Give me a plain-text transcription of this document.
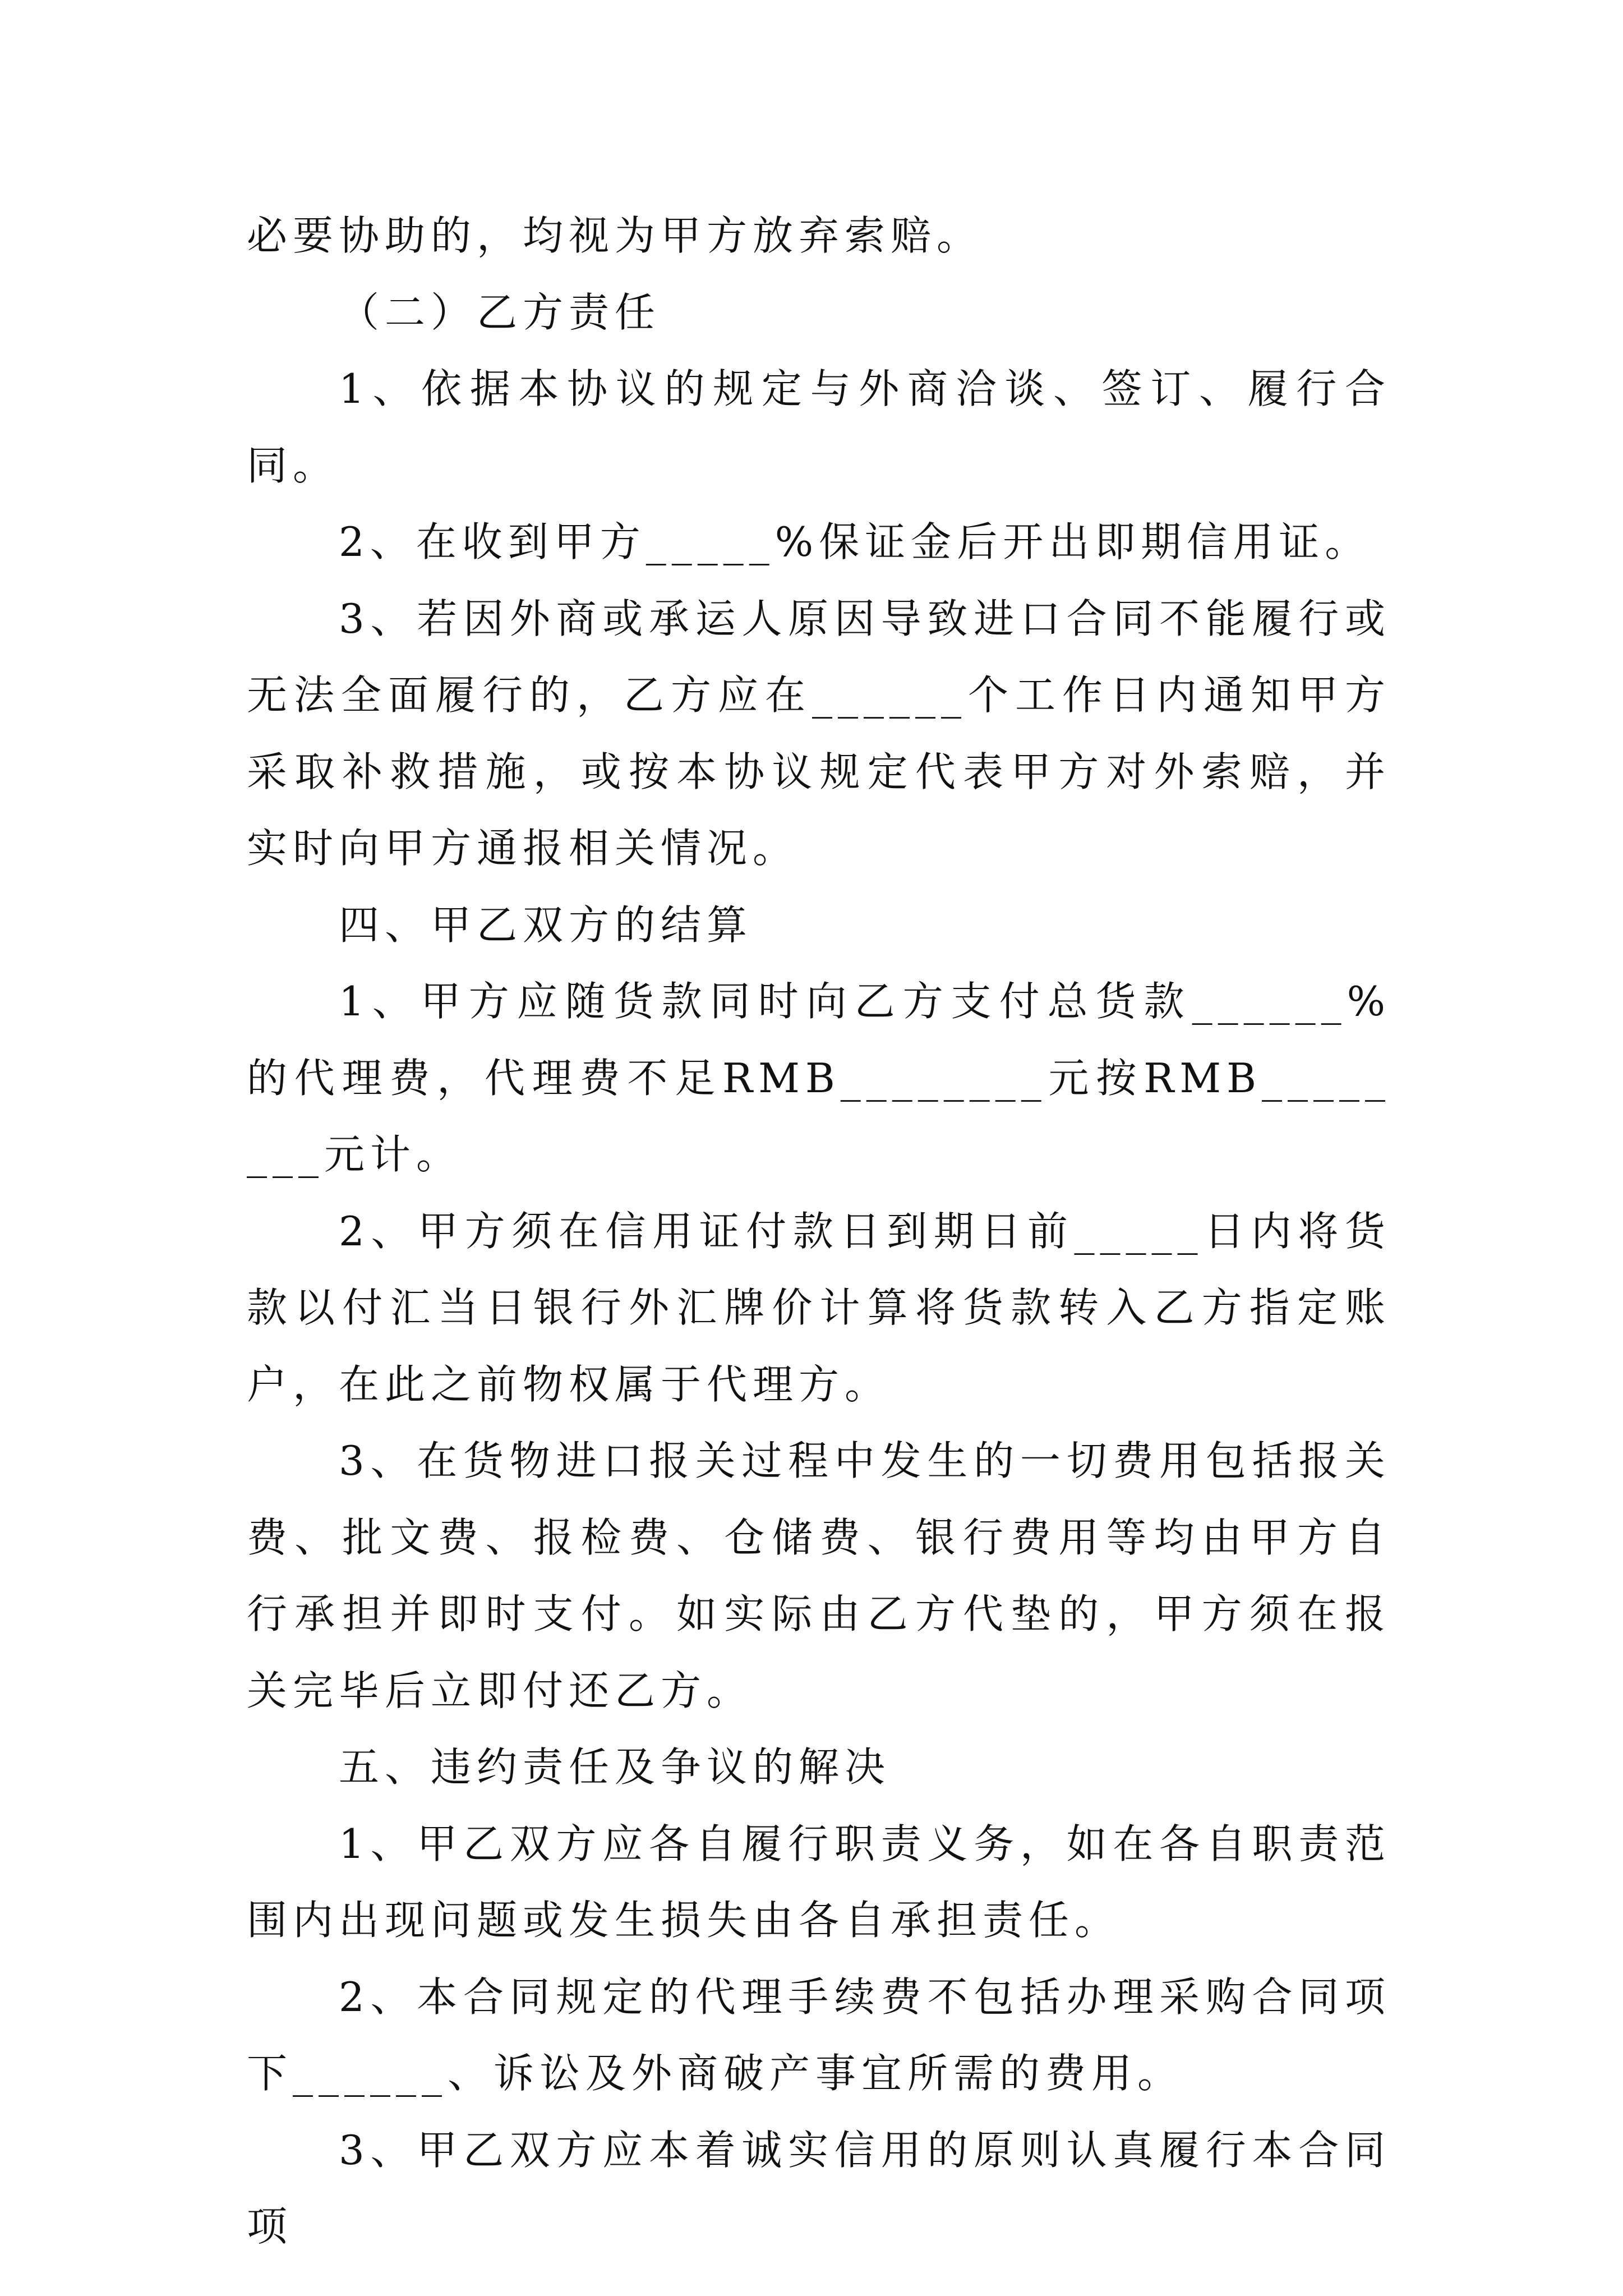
必要协助的，均视为甲方放弃索赔。

（二）乙方责任

1、依据本协议的规定与外商洽谈、签订、履行合同。

2、在收到甲方_____%保证金后开出即期信用证。

3、若因外商或承运人原因导致进口合同不能履行或无法全面履行的，乙方应在______个工作日内通知甲方采取补救措施，或按本协议规定代表甲方对外索赔，并实时向甲方通报相关情况。

四、甲乙双方的结算

1、甲方应随货款同时向乙方支付总货款______%的代理费，代理费不足RMB________元按RMB________元计。

2、甲方须在信用证付款日到期日前_____日内将货款以付汇当日银行外汇牌价计算将货款转入乙方指定账户，在此之前物权属于代理方。

3、在货物进口报关过程中发生的一切费用包括报关费、批文费、报检费、仓储费、银行费用等均由甲方自行承担并即时支付。如实际由乙方代垫的，甲方须在报关完毕后立即付还乙方。

五、违约责任及争议的解决

1、甲乙双方应各自履行职责义务，如在各自职责范围内出现问题或发生损失由各自承担责任。

2、本合同规定的代理手续费不包括办理采购合同项下______、诉讼及外商破产事宜所需的费用。

3、甲乙双方应本着诚实信用的原则认真履行本合同项
